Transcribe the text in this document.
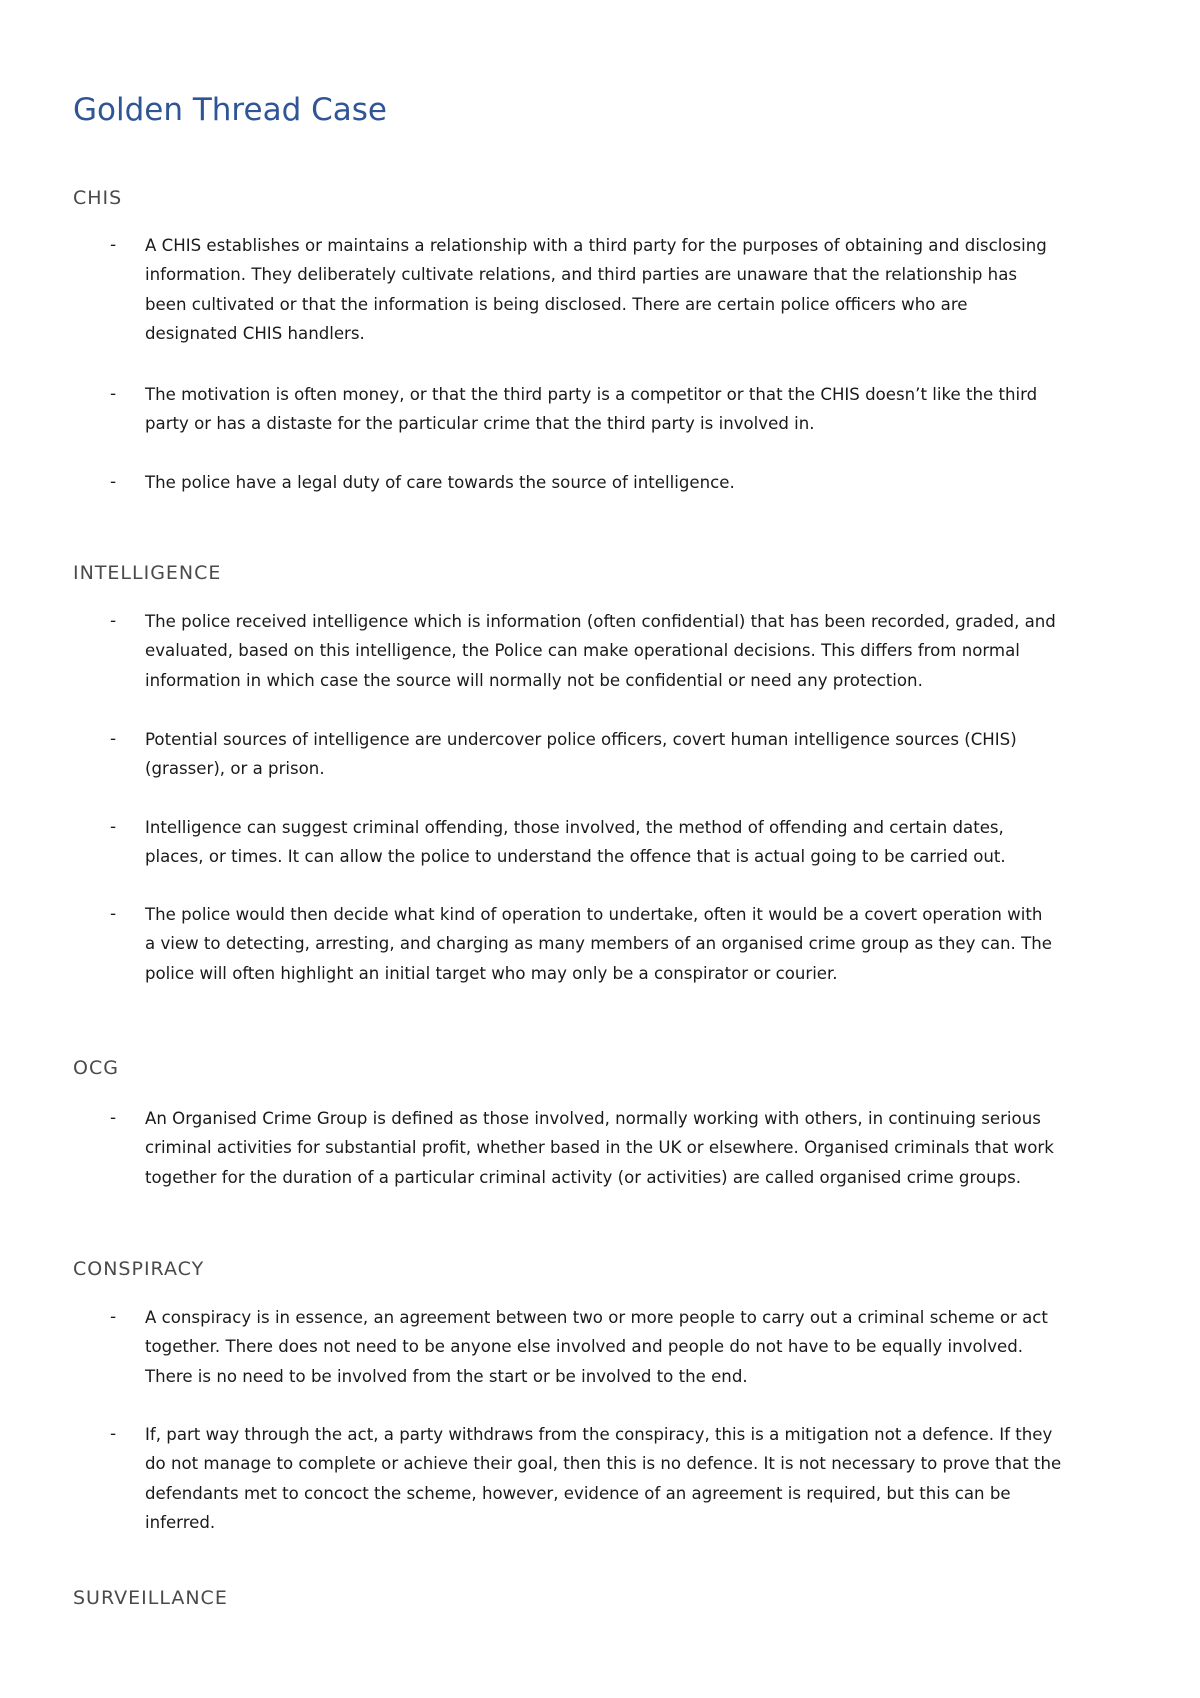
Golden Thread Case
CHIS
- A CHIS establishes or maintains a relationship with a third party for the purposes of obtaining and disclosing
information. They deliberately cultivate relations, and third parties are unaware that the relationship has
been cultivated or that the information is being disclosed. There are certain police officers who are
designated CHIS handlers.
- The motivation is often money, or that the third party is a competitor or that the CHIS doesn’t like the third
party or has a distaste for the particular crime that the third party is involved in.
- The police have a legal duty of care towards the source of intelligence.
INTELLIGENCE
- The police received intelligence which is information (often confidential) that has been recorded, graded, and
evaluated, based on this intelligence, the Police can make operational decisions. This differs from normal
information in which case the source will normally not be confidential or need any protection.
- Potential sources of intelligence are undercover police officers, covert human intelligence sources (CHIS)
(grasser), or a prison.
- Intelligence can suggest criminal offending, those involved, the method of offending and certain dates,
places, or times. It can allow the police to understand the offence that is actual going to be carried out.
- The police would then decide what kind of operation to undertake, often it would be a covert operation with
a view to detecting, arresting, and charging as many members of an organised crime group as they can. The
police will often highlight an initial target who may only be a conspirator or courier.
OCG
- An Organised Crime Group is defined as those involved, normally working with others, in continuing serious
criminal activities for substantial profit, whether based in the UK or elsewhere. Organised criminals that work
together for the duration of a particular criminal activity (or activities) are called organised crime groups.
CONSPIRACY
- A conspiracy is in essence, an agreement between two or more people to carry out a criminal scheme or act
together. There does not need to be anyone else involved and people do not have to be equally involved.
There is no need to be involved from the start or be involved to the end.
- If, part way through the act, a party withdraws from the conspiracy, this is a mitigation not a defence. If they
do not manage to complete or achieve their goal, then this is no defence. It is not necessary to prove that the
defendants met to concoct the scheme, however, evidence of an agreement is required, but this can be
inferred.
SURVEILLANCE
